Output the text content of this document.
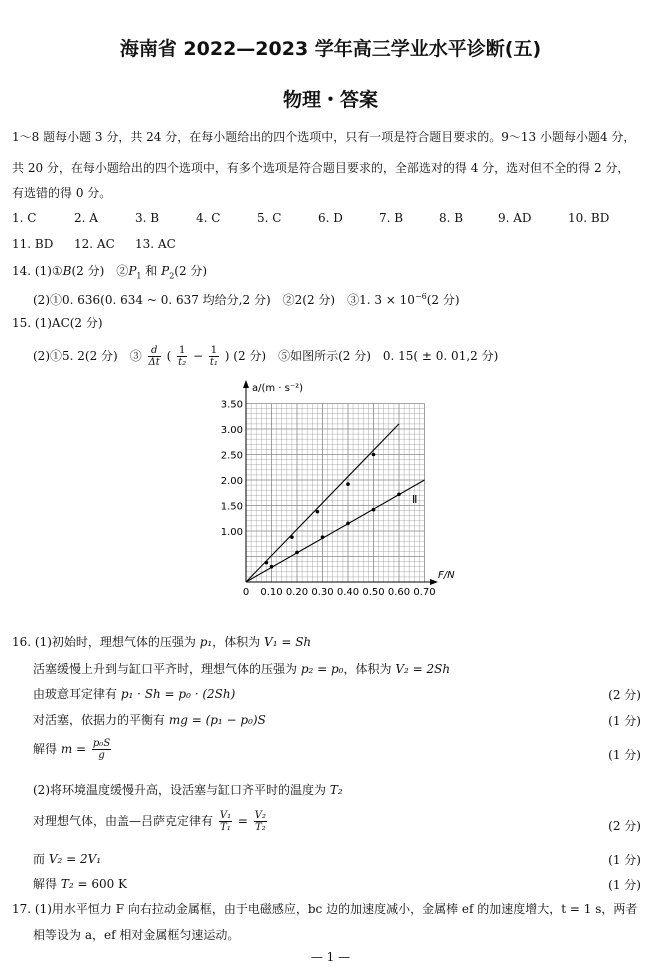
海南省 2022—2023 学年高三学业水平诊断(五)
物理・答案
1～8 题每小题 3 分，共 24 分，在每小题给出的四个选项中，只有一项是符合题目要求的。9～13 小题每小题4 分，
共 20 分，在每小题给出的四个选项中，有多个选项是符合题目要求的，全部选对的得 4 分，选对但不全的得 2 分，
有选错的得 0 分。
1. C	2. A	3. B	4. C	5. C	6. D	7. B	8. B	9. AD	10. BD
11. BD 12. AC 13. AC
14. (1)①B(2 分)　$②P_1$ 和 $P_2(2$ 分)
(2)①0. 636(0. 634 ~ 0. 637 均给分,2 分)　②2(2 分)　③1. $3 \times 10^{-6}(2$ 分)
15. (1)AC(2 分)
(2)①5. 2(2 分)　③ $\frac{d}{\Delta t}$ ( $\frac{1}{\text{t₂}} - \frac{1}{\text{t₁}}$ ) (2 分)　⑤如图所示(2 分)　0. 15( ± 0. 01,2 分)
0 0.10 0.20 0.30 0.40 0.50 0.60 0.70
1.00
1.50
2.00
2.50
3.00
3.50
a/(m · s⁻²)
F/N
Ⅱ
16. (1)初始时，理想气体的压强为 p₁，体积为 V₁ = Sh
活塞缓慢上升到与缸口平齐时，理想气体的压强为 p₂ = p₀，体积为 V₂ = 2Sh
由玻意耳定律有 p₁ · Sh = p₀ · (2Sh)	(2 分)
对活塞，依据力的平衡有 mg = (p₁ − p₀)S	(1 分)
解得 $m = \frac{\text{p₀S}}{g}$	(1 分)
(2)将环境温度缓慢升高，设活塞与缸口齐平时的温度为 T₂
对理想气体，由盖—吕萨克定律有 $\frac{\text{V₁}}{\text{T₁}} = \frac{\text{V₂}}{\text{T₂}}$	(2 分)
而 V₂ = 2V₁	(1 分)
解得 T₂ = 600 K	(1 分)
17. (1)用水平恒力 F 向右拉动金属框，由于电磁感应，bc 边的加速度减小，金属棒 ef 的加速度增大，t = 1 s，两者
相等设为 a，ef 相对金属框匀速运动。
— 1 —
